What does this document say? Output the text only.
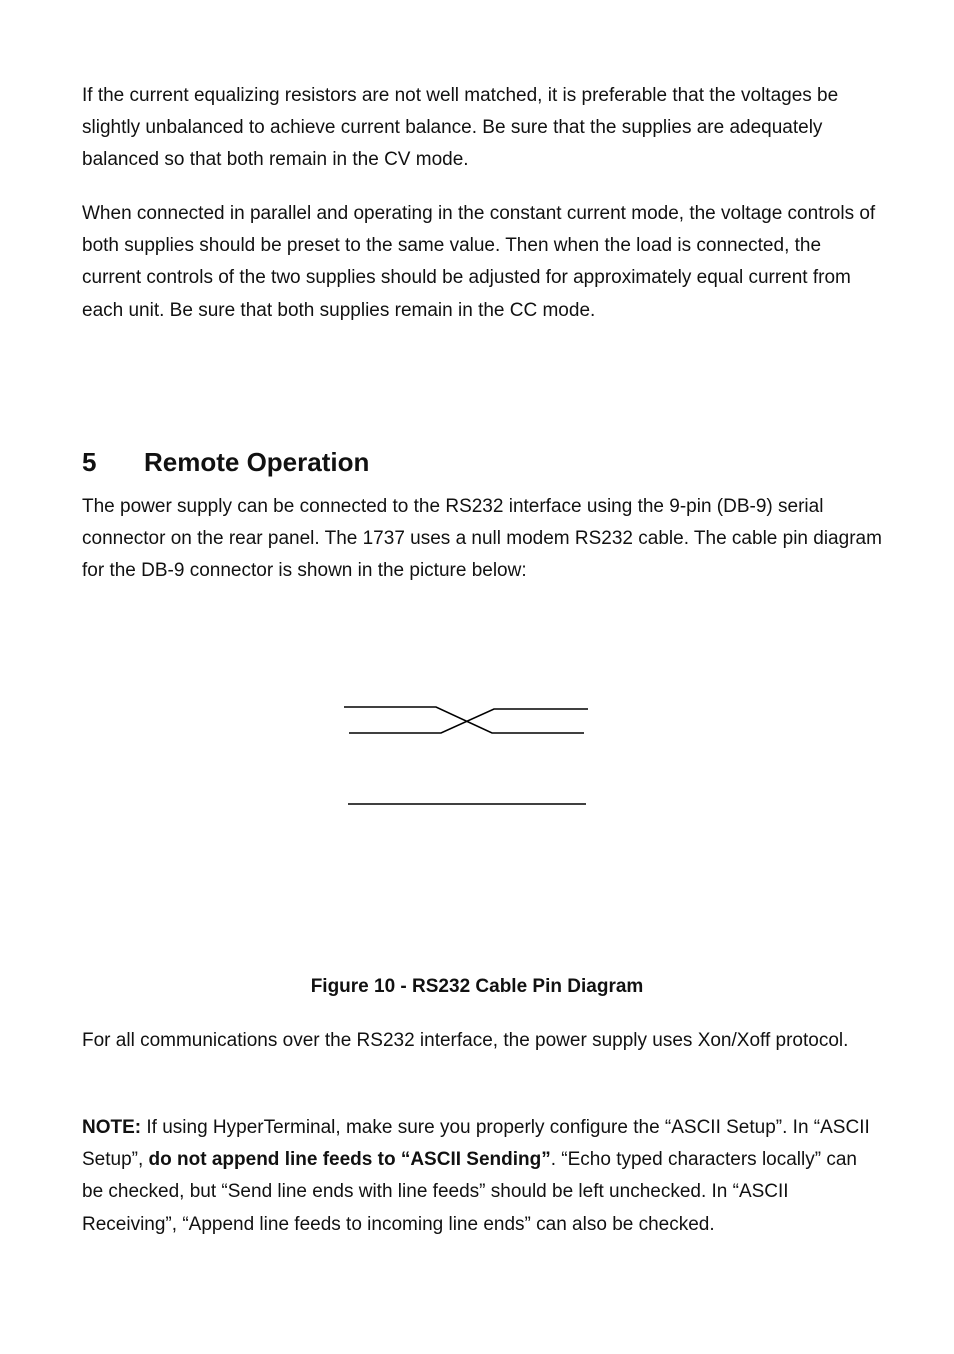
If the current equalizing resistors are not well matched, it is preferable that the voltages be slightly unbalanced to achieve current balance. Be sure that the supplies are adequately balanced so that both remain in the CV mode.

When connected in parallel and operating in the constant current mode, the voltage controls of both supplies should be preset to the same value. Then when the load is connected, the current controls of the two supplies should be adjusted for approximately equal current from each unit. Be sure that both supplies remain in the CC mode.

5 Remote Operation

The power supply can be connected to the RS232 interface using the 9-pin (DB-9) serial connector on the rear panel. The 1737 uses a null modem RS232 cable. The cable pin diagram for the DB-9 connector is shown in the picture below:

Figure 10 - RS232 Cable Pin Diagram

For all communications over the RS232 interface, the power supply uses Xon/Xoff protocol.

NOTE: If using HyperTerminal, make sure you properly configure the “ASCII Setup”. In “ASCII Setup”, do not append line feeds to “ASCII Sending”. “Echo typed characters locally” can be checked, but “Send line ends with line feeds” should be left unchecked. In “ASCII Receiving”, “Append line feeds to incoming line ends” can also be checked.
